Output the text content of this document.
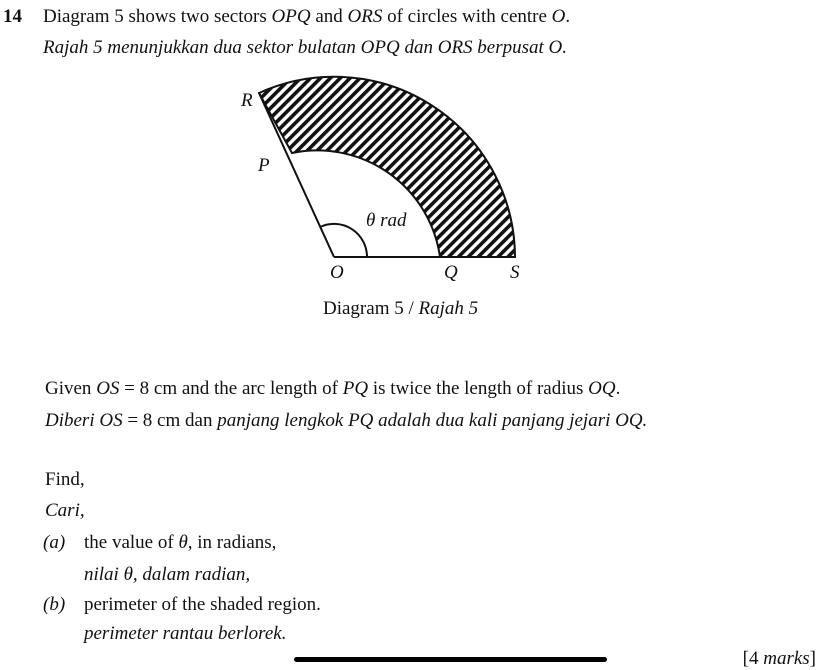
14 Diagram 5 shows two sectors OPQ and ORS of circles with centre O.
Rajah 5 menunjukkan dua sektor bulatan OPQ dan ORS berpusat O.
R
P
O	Q	S
θ rad
Diagram 5 / Rajah 5
Given OS = 8 cm and the arc length of PQ is twice the length of radius OQ.
Diberi OS = 8 cm dan panjang lengkok PQ adalah dua kali panjang jejari OQ.
Find,
Cari,
(a) the value of θ, in radians,
nilai θ, dalam radian,
(b) perimeter of the shaded region.
perimeter rantau berlorek.
[4 marks]
